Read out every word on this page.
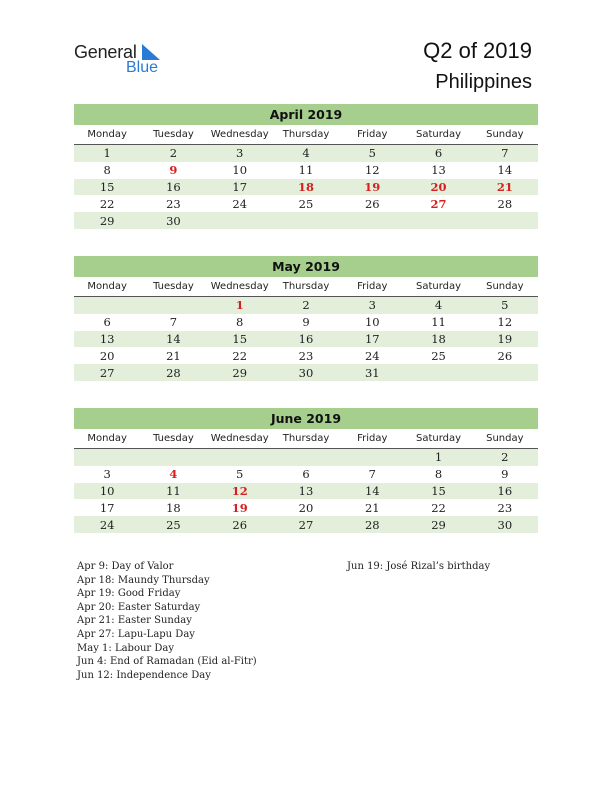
General
Blue
Q2 of 2019
Philippines
April 2019
Monday	Tuesday	Wednesday	Thursday	Friday	Saturday	Sunday
1	2	3	4	5	6	7
8	9	10	11	12	13	14
15	16	17	18	19	20	21
22	23	24	25	26	27	28
29	30					
May 2019
Monday	Tuesday	Wednesday	Thursday	Friday	Saturday	Sunday
		1	2	3	4	5
6	7	8	9	10	11	12
13	14	15	16	17	18	19
20	21	22	23	24	25	26
27	28	29	30	31		
June 2019
Monday	Tuesday	Wednesday	Thursday	Friday	Saturday	Sunday
					1	2
3	4	5	6	7	8	9
10	11	12	13	14	15	16
17	18	19	20	21	22	23
24	25	26	27	28	29	30
Apr 9: Day of Valor
Apr 18: Maundy Thursday
Apr 19: Good Friday
Apr 20: Easter Saturday
Apr 21: Easter Sunday
Apr 27: Lapu-Lapu Day
May 1: Labour Day
Jun 4: End of Ramadan (Eid al-Fitr)
Jun 12: Independence Day
Jun 19: José Rizal’s birthday
